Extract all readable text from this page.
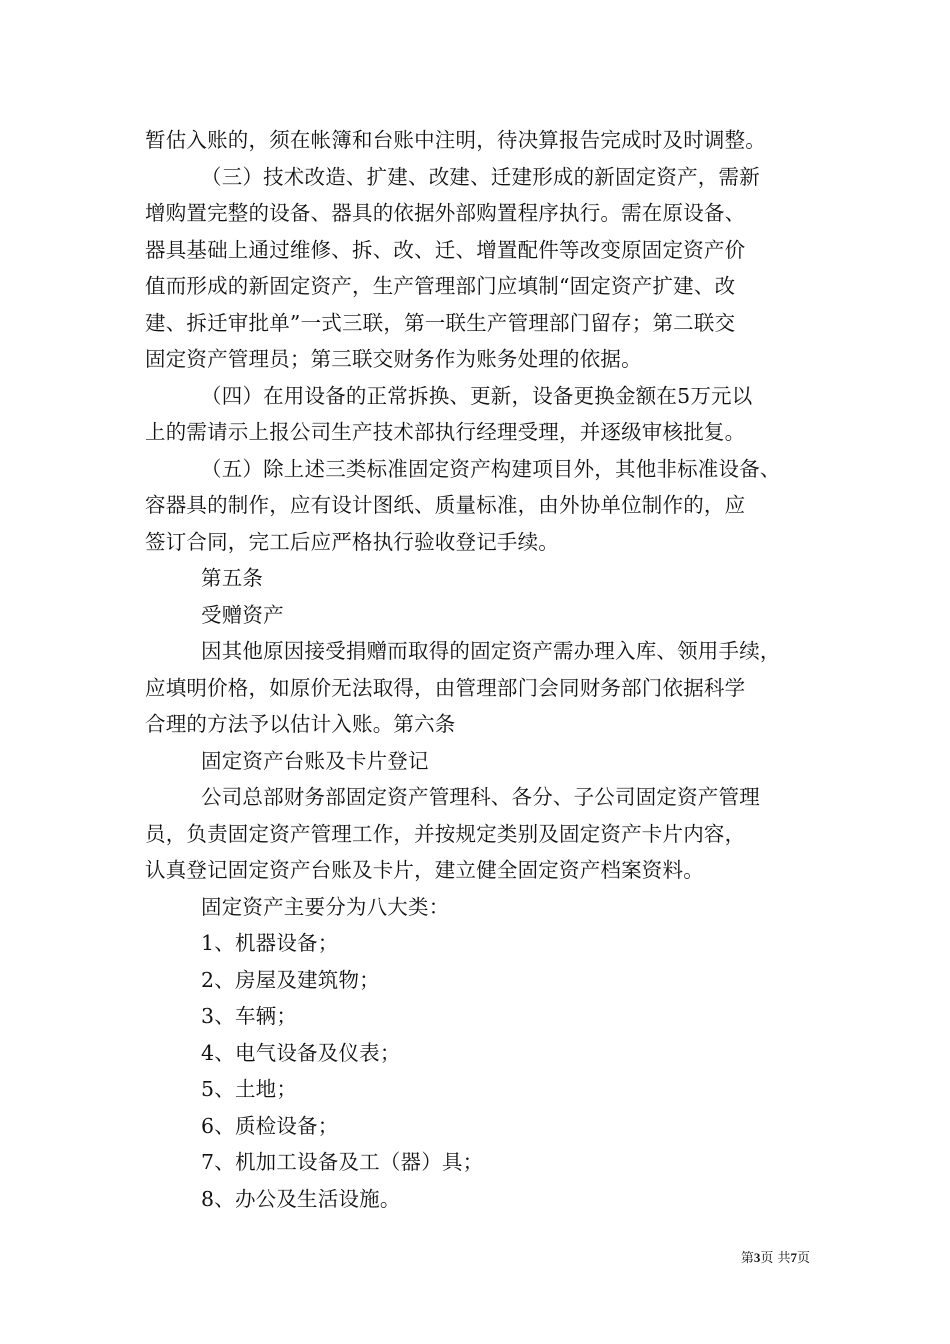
暂估入账的，须在帐簿和台账中注明，待决算报告完成时及时调整。

（三）技术改造、扩建、改建、迁建形成的新固定资产，需新

增购置完整的设备、器具的依据外部购置程序执行。需在原设备、

器具基础上通过维修、拆、改、迁、增置配件等改变原固定资产价

值而形成的新固定资产，生产管理部门应填制“固定资产扩建、改

建、拆迁审批单”一式三联，第一联生产管理部门留存；第二联交

固定资产管理员；第三联交财务作为账务处理的依据。

（四）在用设备的正常拆换、更新，设备更换金额在5万元以

上的需请示上报公司生产技术部执行经理受理，并逐级审核批复。

（五）除上述三类标准固定资产构建项目外，其他非标准设备、

容器具的制作，应有设计图纸、质量标准，由外协单位制作的，应

签订合同，完工后应严格执行验收登记手续。

第五条

受赠资产

因其他原因接受捐赠而取得的固定资产需办理入库、领用手续，

应填明价格，如原价无法取得，由管理部门会同财务部门依据科学

合理的方法予以估计入账。第六条

固定资产台账及卡片登记

公司总部财务部固定资产管理科、各分、子公司固定资产管理

员，负责固定资产管理工作，并按规定类别及固定资产卡片内容，

认真登记固定资产台账及卡片，建立健全固定资产档案资料。

固定资产主要分为八大类：

1、机器设备；

2、房屋及建筑物；

3、车辆；

4、电气设备及仪表；

5、土地；

6、质检设备；

7、机加工设备及工（器）具；

8、办公及生活设施。

第3页 共7页
